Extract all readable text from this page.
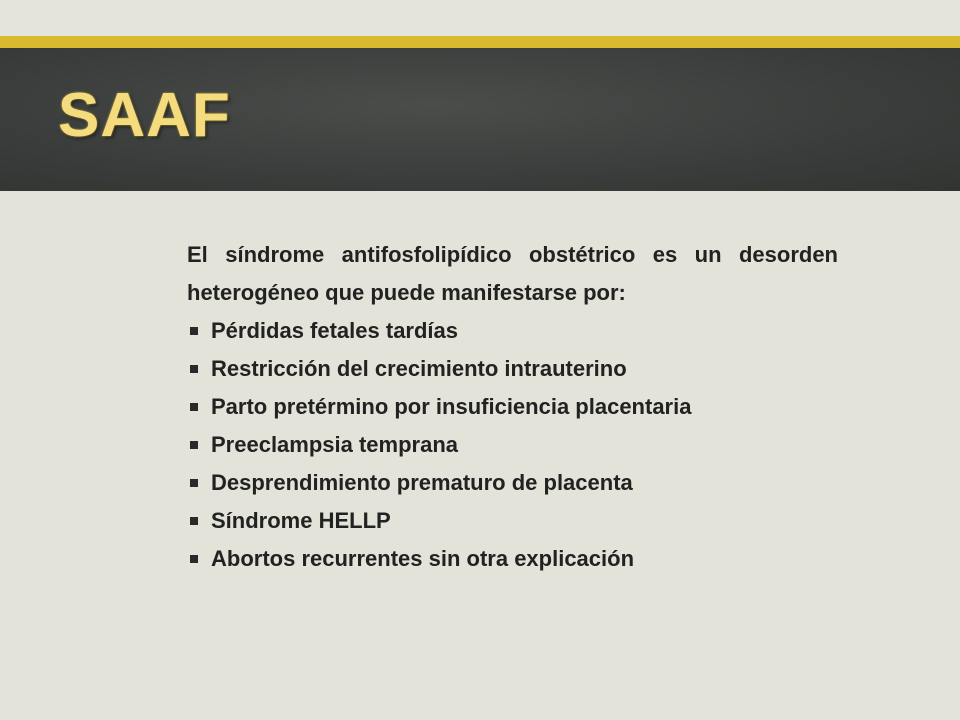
SAAF

El síndrome antifosfolipídico obstétrico es un desorden heterogéneo que puede manifestarse por:

Pérdidas fetales tardías
Restricción del crecimiento intrauterino
Parto pretérmino por insuficiencia placentaria
Preeclampsia temprana
Desprendimiento prematuro de placenta
Síndrome HELLP
Abortos recurrentes sin otra explicación
